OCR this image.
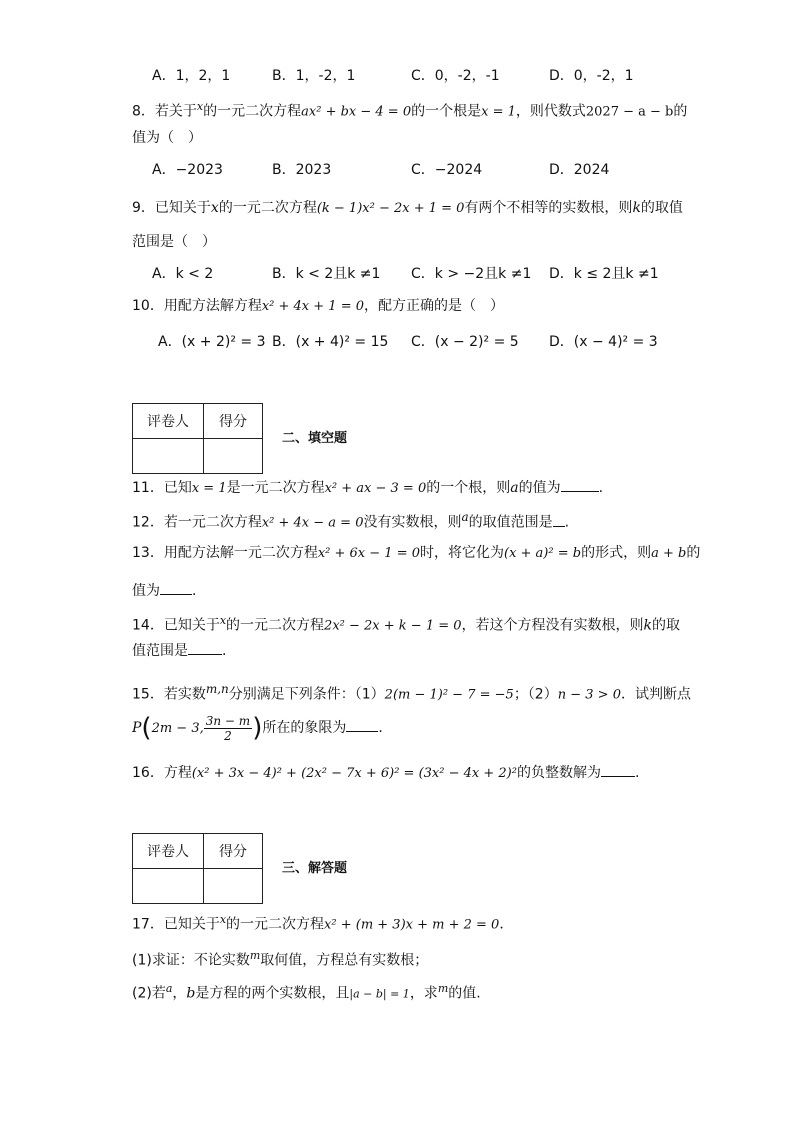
A．1，2，1	B．1，-2，1	C．0，-2，-1	D．0，-2，1
8．若关于$^x$的一元二次方程ax² + bx − 4 = 0的一个根是x = 1，则代数式2027 − a − b的
值为（　）
A．−2023	B．2023	C．−2024	D．2024
9．已知关于x的一元二次方程(k − 1)x² − 2x + 1 = 0有两个不相等的实数根，则k的取值
范围是（　）
A．k < 2	B．k < 2且k ≠1 C．k > −2且k ≠1 D．k ≤ 2且k ≠1
10．用配方法解方程x² + 4x + 1 = 0，配方正确的是（　）
A．(x + 2)² = 3 B．(x + 4)² = 15 C．(x − 2)² = 5 D．(x − 4)² = 3
评卷人	得分

二、填空题
11．已知x = 1是一元二次方程x² + ax − 3 = 0的一个根，则a的值为	.
12．若一元二次方程x² + 4x − a = 0没有实数根，则a的取值范围是 .
13．用配方法解一元二次方程x² + 6x − 1 = 0时，将它化为(x + a)² = b的形式，则a + b的
值为 .
14．已知关于$^x$的一元二次方程2x² − 2x + k − 1 = 0，若这个方程没有实数根，则k的取
值范围是 .
15．若实数m,n分别满足下列条件：（1）2(m − 1)² − 7 = −5；（2）n − 3 > 0．试判断点
P(2m − 3, $\frac{3n - m}{2}$ )所在的象限为 .
16．方程(x² + 3x − 4)² + (2x² − 7x + 6)² = (3x² − 4x + 2)²的负整数解为 .
评卷人	得分

三、解答题
17．已知关于$^x$的一元二次方程x² + (m + 3)x + m + 2 = 0．
(1)求证：不论实数$^m$取何值，方程总有实数根；
(2)若$^a$，b是方程的两个实数根，且|a − b| = 1，求$^m$的值.
